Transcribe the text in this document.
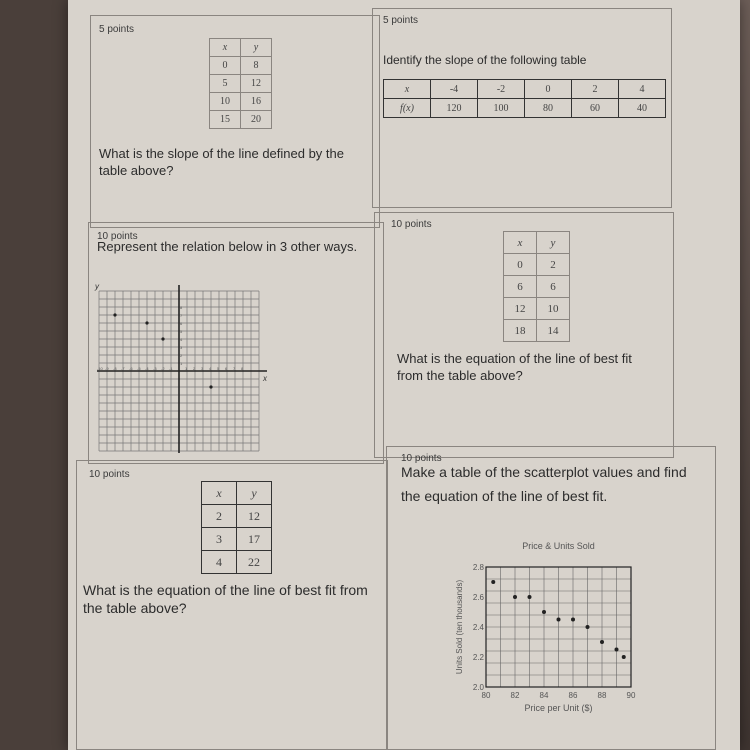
5 points
x	y
0	8
5	12
10	16
15	20
What is the slope of the line defined by the table above?
5 points
Identify the slope of the following table
x	-4	-2	0	2	4
f(x)	120	100	80	60	40
10 points
Represent the relation below in 3 other ways.
y
x
1
2
3
4
5
6
7
8
-10 -9 -8 -7 -6 -5 -4 -3 -2 -1	1 2 3 4 5 6 7 8
10 points
x	y
0	2
6	6
12	10
18	14
What is the equation of the line of best fit from the table above?
10 points
x	y
2	12
3	17
4	22
What is the equation of the line of best fit from the table above?
10 points
Make a table of the scatterplot values and find the equation of the line of best fit.
Price & Units Sold
80	82	84	86	88	90
2.0
2.2
2.4
2.6
2.8
Price per Unit ($)
Units Sold (ten thousands)
